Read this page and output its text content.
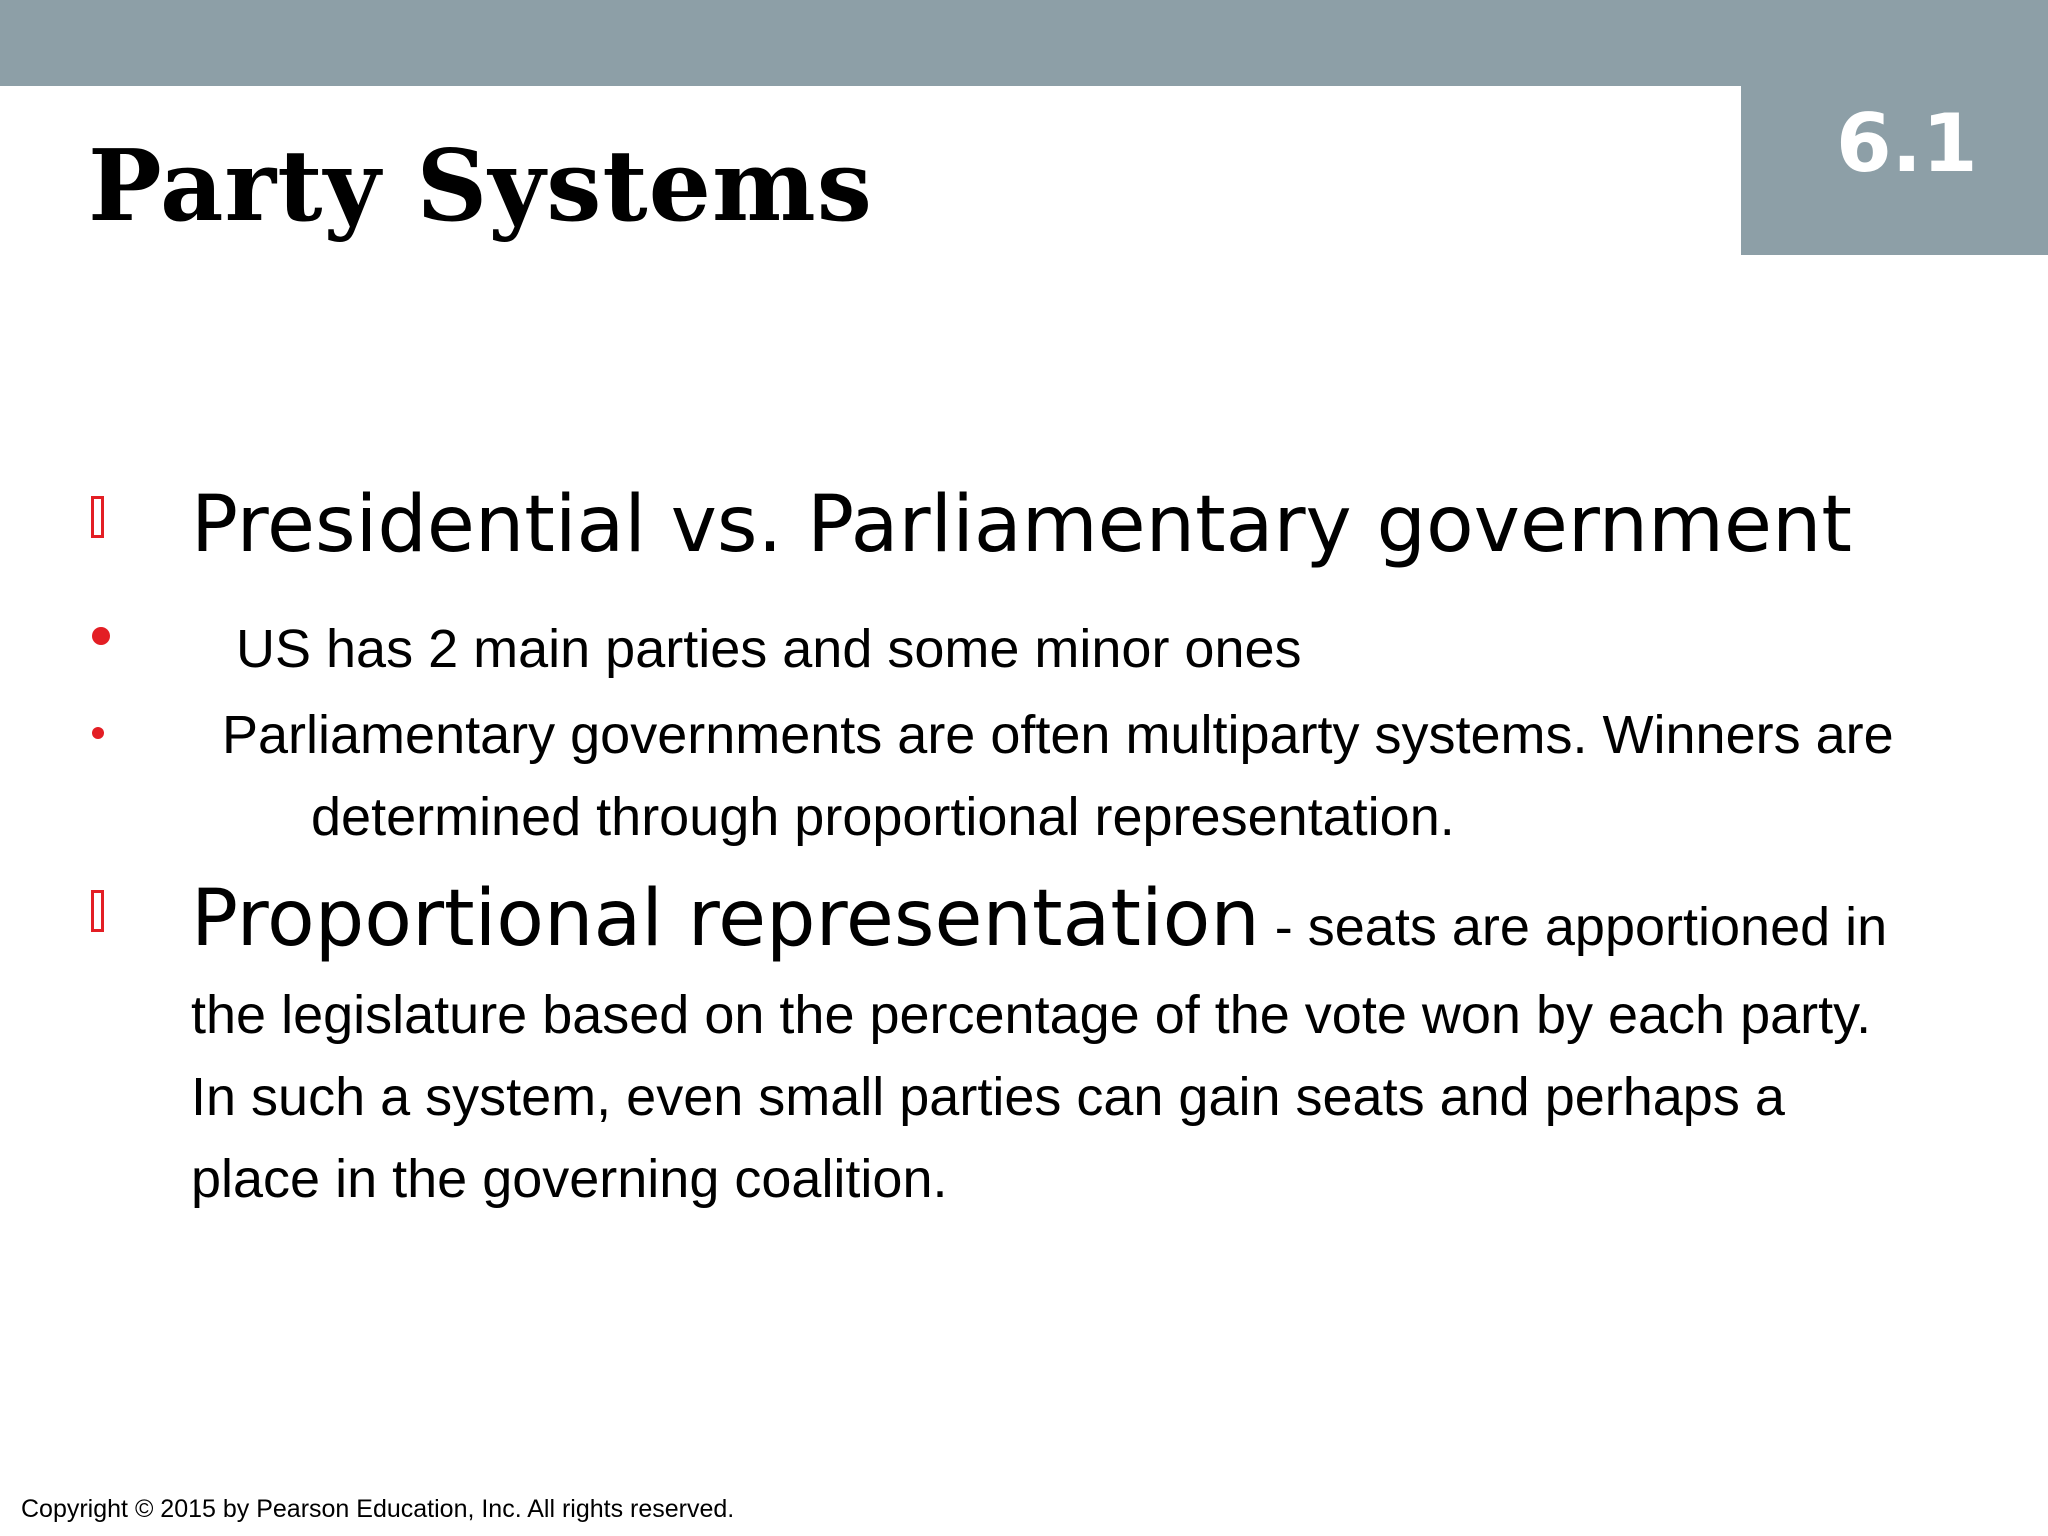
6.1
Party Systems

Presidential vs. Parliamentary government

US has 2 main parties and some minor ones

Parliamentary governments are often multiparty systems. Winners are

determined through proportional representation.

Proportional representation - seats are apportioned in

the legislature based on the percentage of the vote won by each party.

In such a system, even small parties can gain seats and perhaps a

place in the governing coalition.

Copyright © 2015 by Pearson Education, Inc. All rights reserved.
